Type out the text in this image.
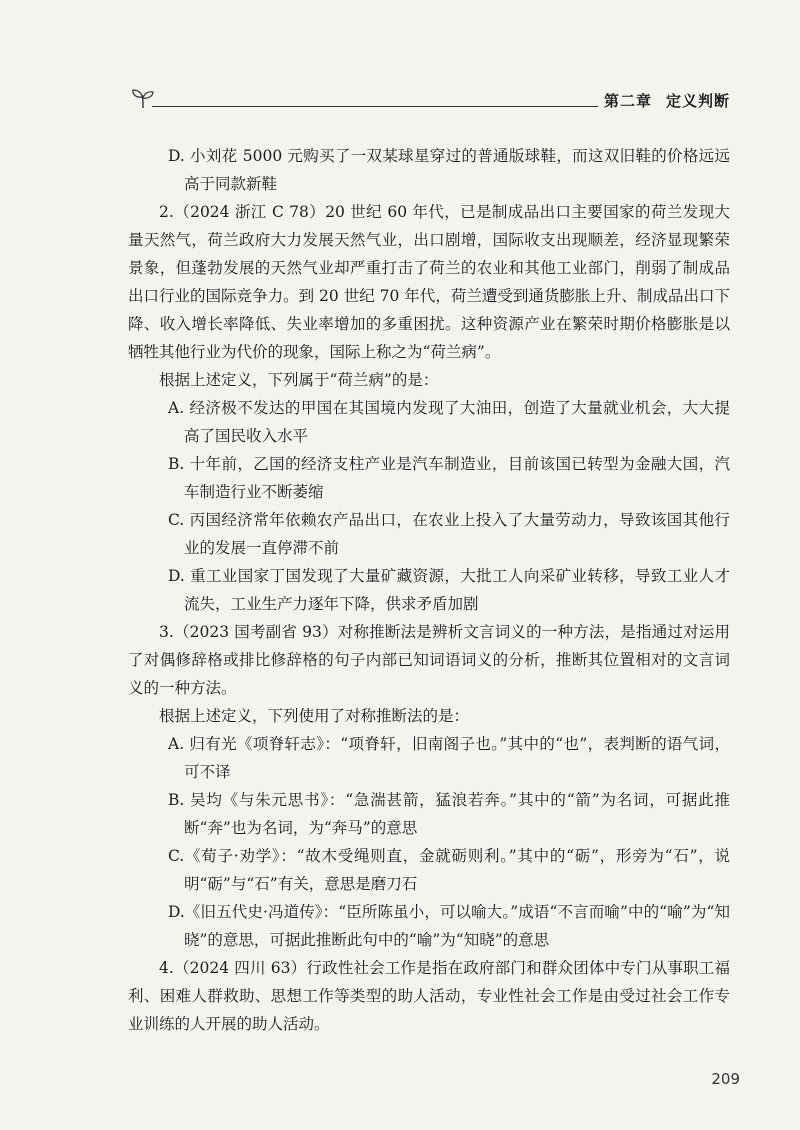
第二章 定义判断

D. 小刘花 5000 元购买了一双某球星穿过的普通版球鞋，而这双旧鞋的价格远远高于同款新鞋

2.（2024 浙江 C 78）20 世纪 60 年代，已是制成品出口主要国家的荷兰发现大量天然气，荷兰政府大力发展天然气业，出口剧增，国际收支出现顺差，经济显现繁荣景象，但蓬勃发展的天然气业却严重打击了荷兰的农业和其他工业部门，削弱了制成品出口行业的国际竞争力。到 20 世纪 70 年代，荷兰遭受到通货膨胀上升、制成品出口下降、收入增长率降低、失业率增加的多重困扰。这种资源产业在繁荣时期价格膨胀是以牺牲其他行业为代价的现象，国际上称之为“荷兰病”。

根据上述定义，下列属于“荷兰病”的是：

A. 经济极不发达的甲国在其国境内发现了大油田，创造了大量就业机会，大大提高了国民收入水平

B. 十年前，乙国的经济支柱产业是汽车制造业，目前该国已转型为金融大国，汽车制造行业不断萎缩

C. 丙国经济常年依赖农产品出口，在农业上投入了大量劳动力，导致该国其他行业的发展一直停滞不前

D. 重工业国家丁国发现了大量矿藏资源，大批工人向采矿业转移，导致工业人才流失，工业生产力逐年下降，供求矛盾加剧

3.（2023 国考副省 93）对称推断法是辨析文言词义的一种方法，是指通过对运用了对偶修辞格或排比修辞格的句子内部已知词语词义的分析，推断其位置相对的文言词义的一种方法。

根据上述定义，下列使用了对称推断法的是：

A. 归有光《项脊轩志》：“项脊轩，旧南阁子也。”其中的“也”，表判断的语气词，可不译

B. 吴均《与朱元思书》：“急湍甚箭，猛浪若奔。”其中的“箭”为名词，可据此推断“奔”也为名词，为“奔马”的意思

C.《荀子·劝学》：“故木受绳则直，金就砺则利。”其中的“砺”，形旁为“石”，说明“砺”与“石”有关，意思是磨刀石

D.《旧五代史·冯道传》：“臣所陈虽小，可以喻大。”成语“不言而喻”中的“喻”为“知晓”的意思，可据此推断此句中的“喻”为“知晓”的意思

4.（2024 四川 63）行政性社会工作是指在政府部门和群众团体中专门从事职工福利、困难人群救助、思想工作等类型的助人活动，专业性社会工作是由受过社会工作专业训练的人开展的助人活动。

209
